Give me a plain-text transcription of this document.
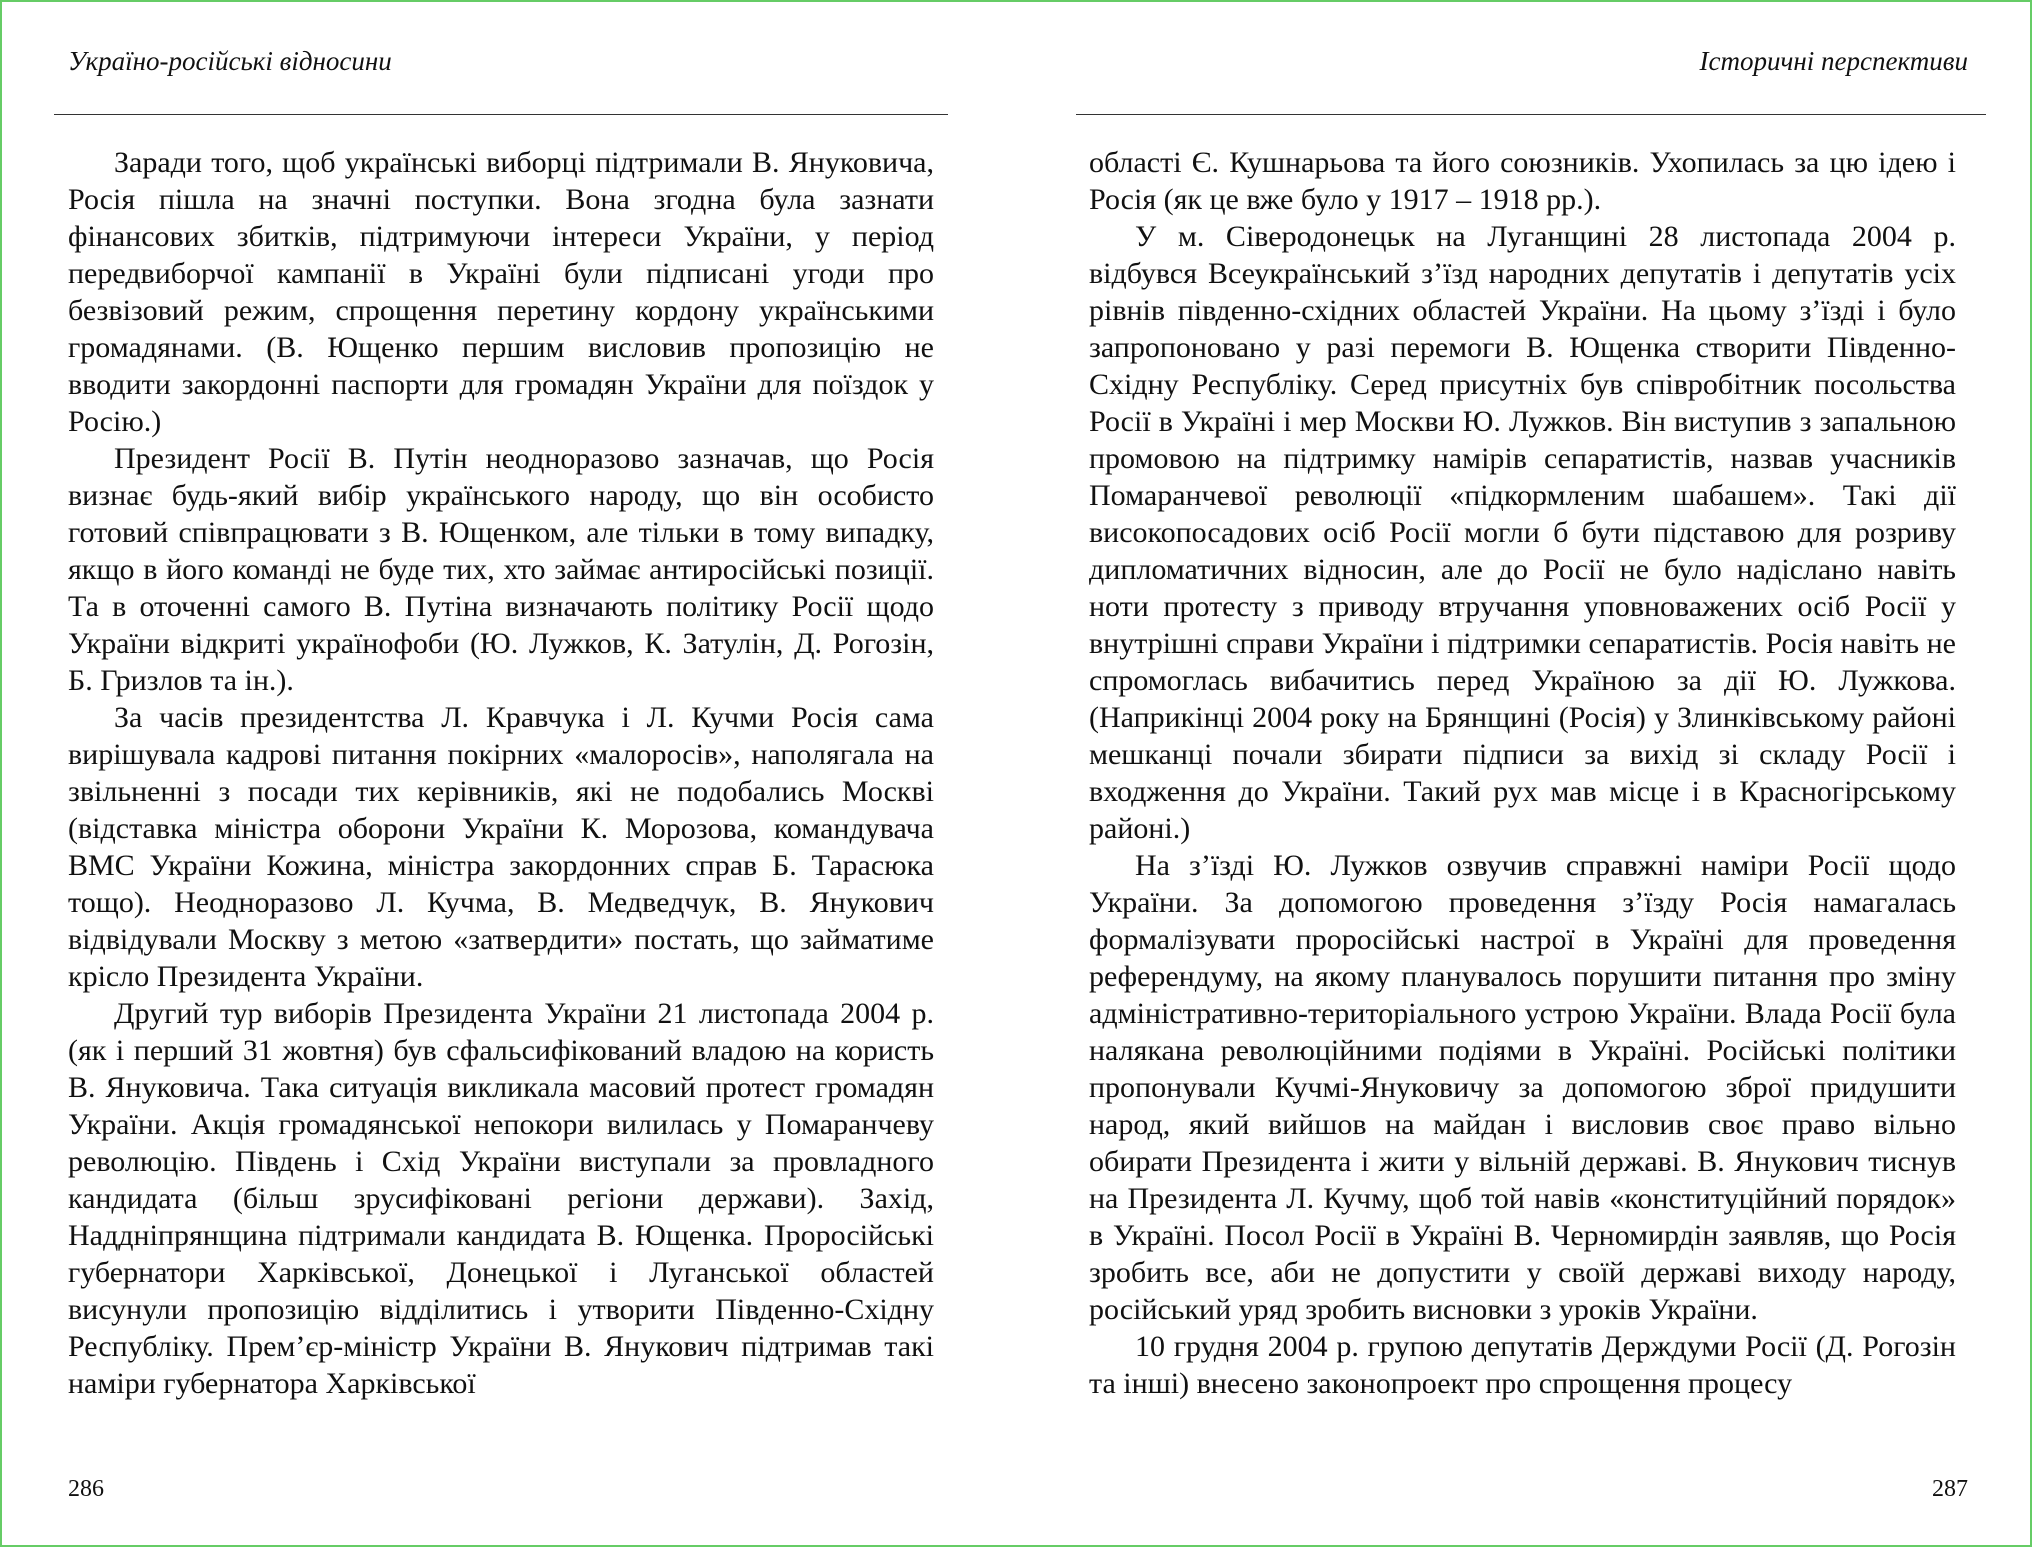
Україно-російські відносини

Заради того, щоб українські виборці підтримали В. Януковича, Росія пішла на значні поступки. Вона згодна була зазнати фінансових збитків, підтримуючи інтереси України, у період передвиборчої кампанії в Україні були підписані угоди про безвізовий режим, спрощення перетину кордону українськими громадянами. (В. Ющенко першим висловив пропозицію не вводити закордонні паспорти для громадян України для поїздок у Росію.)

Президент Росії В. Путін неодноразово зазначав, що Росія визнає будь-який вибір українського народу, що він особисто готовий співпрацювати з В. Ющенком, але тільки в тому випадку, якщо в його команді не буде тих, хто займає антиросійські позиції. Та в оточенні самого В. Путіна визначають політику Росії щодо України відкриті українофоби (Ю. Лужков, К. Затулін, Д. Рогозін, Б. Гризлов та ін.).

За часів президентства Л. Кравчука і Л. Кучми Росія сама вирішувала кадрові питання покірних «малоросів», наполягала на звільненні з посади тих керівників, які не подобались Москві (відставка міністра оборони України К. Морозова, командувача ВМС України Кожина, міністра закордонних справ Б. Тарасюка тощо). Неодноразово Л. Кучма, В. Медведчук, В. Янукович відвідували Москву з метою «затвердити» постать, що займатиме крісло Президента України.

Другий тур виборів Президента України 21 листопада 2004 р. (як і перший 31 жовтня) був сфальсифікований владою на користь В. Януковича. Така ситуація викликала масовий протест громадян України. Акція громадянської непокори вилилась у Помаранчеву революцію. Південь і Схід України виступали за провладного кандидата (більш зрусифіковані регіони держави). Захід, Наддніпрянщина підтримали кандидата В. Ющенка. Проросійські губернатори Харківської, Донецької і Луганської областей висунули пропозицію відділитись і утворити Південно-Східну Республіку. Прем’єр-міністр України В. Янукович підтримав такі наміри губернатора Харківської

286
Історичні перспективи

області Є. Кушнарьова та його союзників. Ухопилась за цю ідею і Росія (як це вже було у 1917 – 1918 рр.).

У м. Сіверодонецьк на Луганщині 28 листопада 2004 р. відбувся Всеукраїнський з’їзд народних депутатів і депутатів усіх рівнів південно-східних областей України. На цьому з’їзді і було запропоновано у разі перемоги В. Ющенка створити Південно-Східну Республіку. Серед присутніх був співробітник посольства Росії в Україні і мер Москви Ю. Лужков. Він виступив з запальною промовою на підтримку намірів сепаратистів, назвав учасників Помаранчевої революції «підкормленим шабашем». Такі дії високопосадових осіб Росії могли б бути підставою для розриву дипломатичних відносин, але до Росії не було надіслано навіть ноти протесту з приводу втручання уповноважених осіб Росії у внутрішні справи України і підтримки сепаратистів. Росія навіть не спромоглась вибачитись перед Україною за дії Ю. Лужкова. (Наприкінці 2004 року на Брянщині (Росія) у Злинківському районі мешканці почали збирати підписи за вихід зі складу Росії і входження до України. Такий рух мав місце і в Красногірському районі.)

На з’їзді Ю. Лужков озвучив справжні наміри Росії щодо України. За допомогою проведення з’їзду Росія намагалась формалізувати проросійські настрої в Україні для проведення референдуму, на якому планувалось порушити питання про зміну адміністративно-територіального устрою України. Влада Росії була налякана революційними подіями в Україні. Російські політики пропонували Кучмі-Януковичу за допомогою зброї придушити народ, який вийшов на майдан і висловив своє право вільно обирати Президента і жити у вільній державі. В. Янукович тиснув на Президента Л. Кучму, щоб той навів «конституційний порядок» в Україні. Посол Росії в Україні В. Черномирдін заявляв, що Росія зробить все, аби не допустити у своїй державі виходу народу, російський уряд зробить висновки з уроків України.

10 грудня 2004 р. групою депутатів Держдуми Росії (Д. Рогозін та інші) внесено законопроект про спрощення процесу

287
